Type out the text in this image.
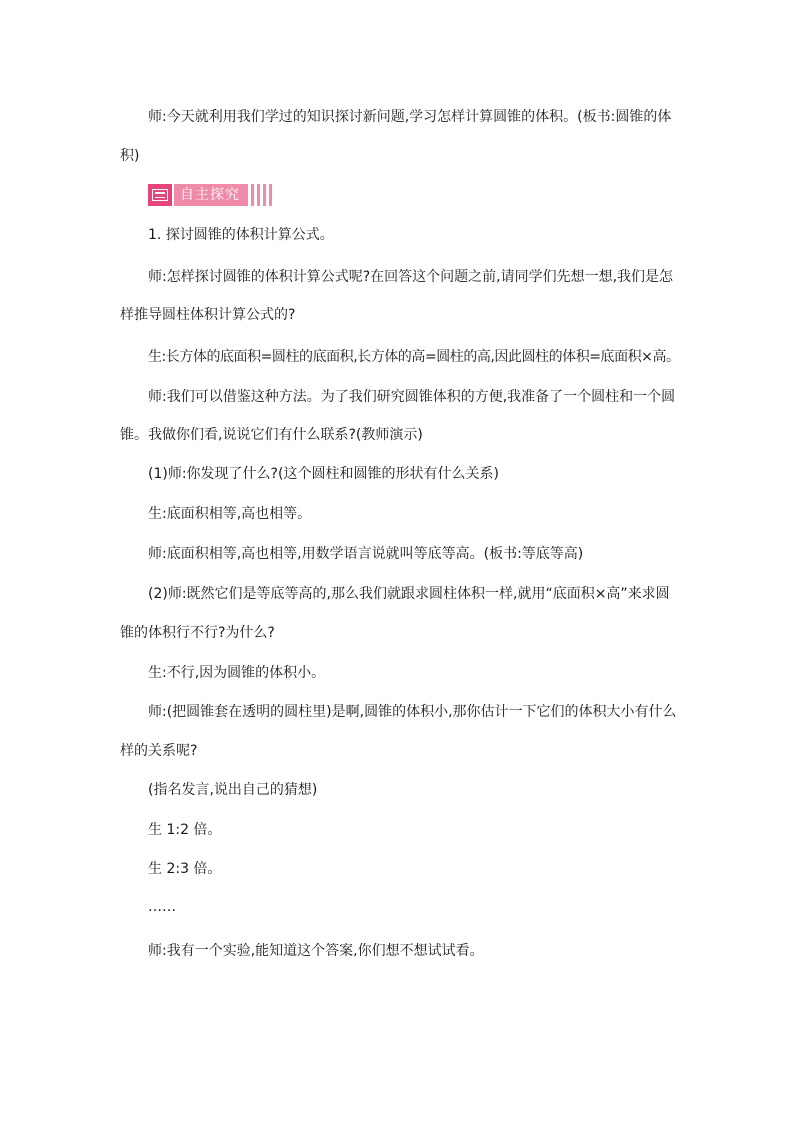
师:今天就利用我们学过的知识探讨新问题,学习怎样计算圆锥的体积。(板书:圆锥的体
积)
自主探究
1. 探讨圆锥的体积计算公式。
师:怎样探讨圆锥的体积计算公式呢?在回答这个问题之前,请同学们先想一想,我们是怎
样推导圆柱体积计算公式的?
生:长方体的底面积=圆柱的底面积,长方体的高=圆柱的高,因此圆柱的体积=底面积×高。
师:我们可以借鉴这种方法。为了我们研究圆锥体积的方便,我准备了一个圆柱和一个圆
锥。我做你们看,说说它们有什么联系?(教师演示)
(1)师:你发现了什么?(这个圆柱和圆锥的形状有什么关系)
生:底面积相等,高也相等。
师:底面积相等,高也相等,用数学语言说就叫等底等高。(板书:等底等高)
(2)师:既然它们是等底等高的,那么我们就跟求圆柱体积一样,就用“底面积×高”来求圆
锥的体积行不行?为什么?
生:不行,因为圆锥的体积小。
师:(把圆锥套在透明的圆柱里)是啊,圆锥的体积小,那你估计一下它们的体积大小有什么
样的关系呢?
(指名发言,说出自己的猜想)
生 1:2 倍。
生 2:3 倍。
……
师:我有一个实验,能知道这个答案,你们想不想试试看。
